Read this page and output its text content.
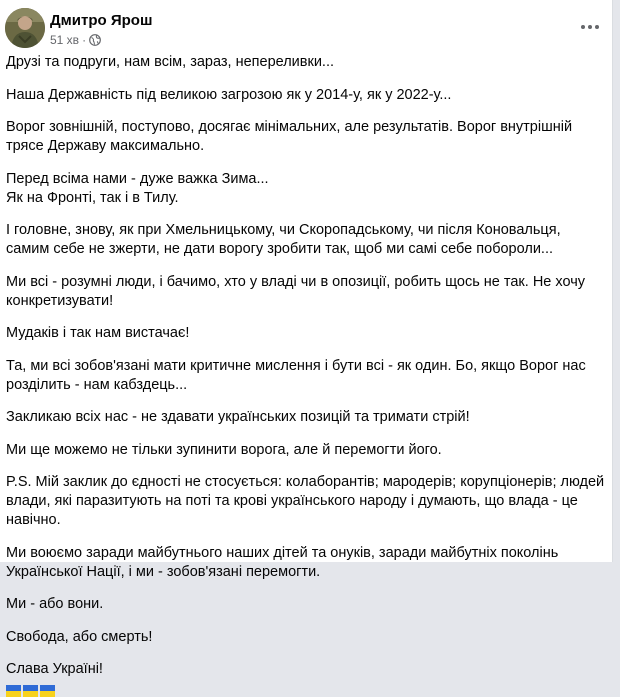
Дмитро Ярош
51 хв ·

Друзі та подруги, нам всім, зараз, непереливки...

Наша Державність під великою загрозою як у 2014-у, як у 2022-у...

Ворог зовнішній, поступово, досягає мінімальних, але результатів. Ворог внутрішній трясе Державу максимально.

Перед всіма нами - дуже важка Зима...
Як на Фронті, так і в Тилу.

І головне, знову, як при Хмельницькому, чи Скоропадському, чи після Коновальця, самим себе не зжерти, не дати ворогу зробити так, щоб ми самі себе побороли...

Ми всі - розумні люди, і бачимо, хто у владі чи в опозиції, робить щось не так. Не хочу конкретизувати!

Мудаків і так нам вистачає!

Та, ми всі зобов'язані мати критичне мислення і бути всі - як один. Бо, якщо Ворог нас розділить - нам кабздець...

Закликаю всіх нас - не здавати українських позицій та тримати стрій!

Ми ще можемо не тільки зупинити ворога, але й перемогти його.

P.S. Мій заклик до єдності не стосується: колаборантів; мародерів; корупціонерів; людей влади, які паразитують на поті та крові українського народу і думають, що влада - це навічно.

Ми воюємо заради майбутнього наших дітей та онуків, заради майбутніх поколінь Української Нації, і ми - зобов'язані перемогти.

Ми - або вони.

Свобода, або смерть!

Слава Україні!
